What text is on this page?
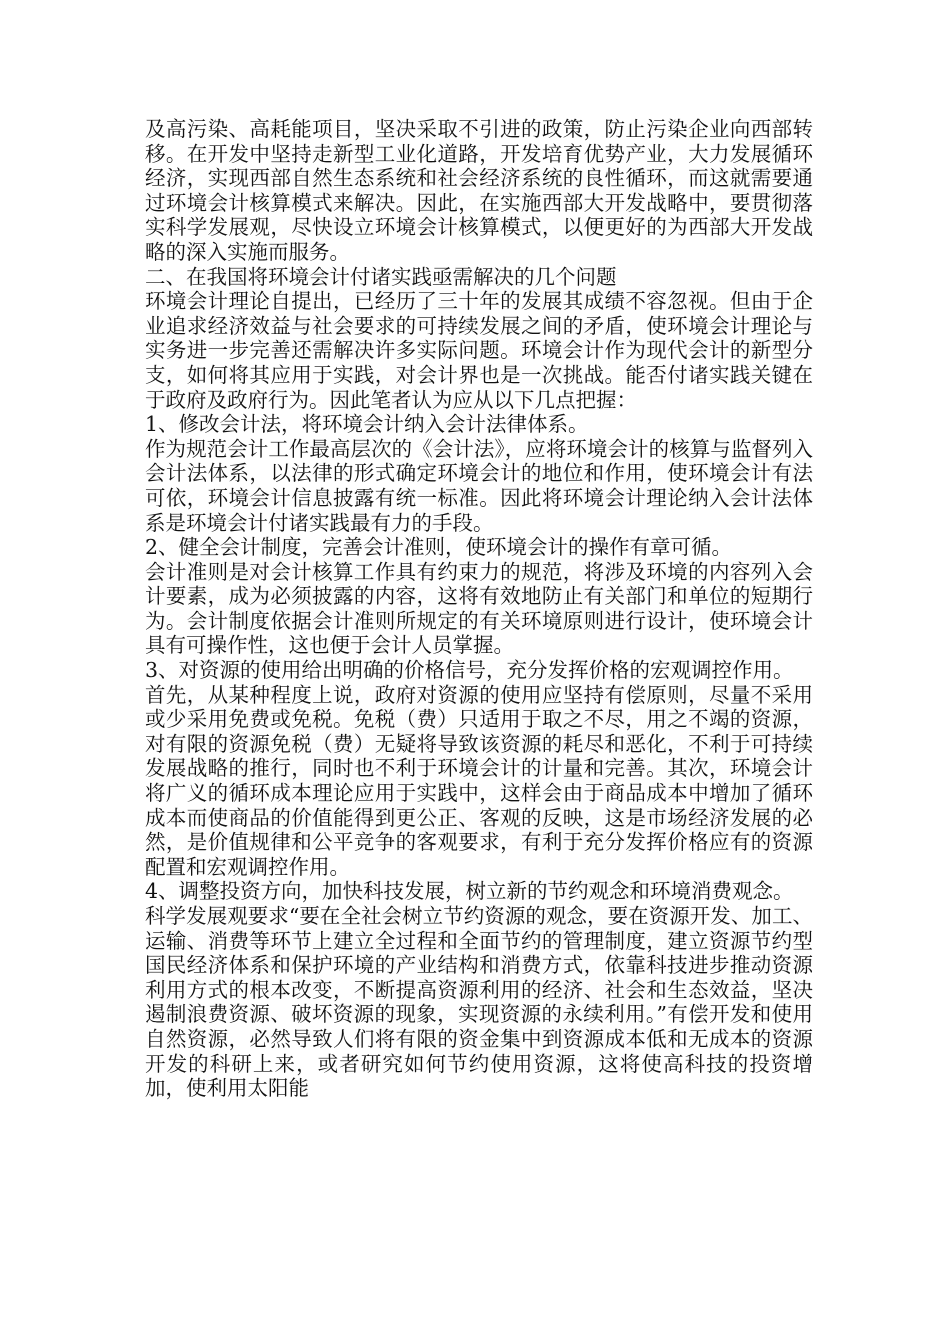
及高污染、高耗能项目，坚决采取不引进的政策，防止污染企业向西部转移。在开发中坚持走新型工业化道路，开发培育优势产业，大力发展循环经济，实现西部自然生态系统和社会经济系统的良性循环，而这就需要通过环境会计核算模式来解决。因此，在实施西部大开发战略中，要贯彻落实科学发展观，尽快设立环境会计核算模式，以便更好的为西部大开发战略的深入实施而服务。

二、在我国将环境会计付诸实践亟需解决的几个问题

环境会计理论自提出，已经历了三十年的发展其成绩不容忽视。但由于企业追求经济效益与社会要求的可持续发展之间的矛盾，使环境会计理论与实务进一步完善还需解决许多实际问题。环境会计作为现代会计的新型分支，如何将其应用于实践，对会计界也是一次挑战。能否付诸实践关键在于政府及政府行为。因此笔者认为应从以下几点把握：

1、修改会计法，将环境会计纳入会计法律体系。

作为规范会计工作最高层次的《会计法》，应将环境会计的核算与监督列入会计法体系，以法律的形式确定环境会计的地位和作用，使环境会计有法可依，环境会计信息披露有统一标准。因此将环境会计理论纳入会计法体系是环境会计付诸实践最有力的手段。

2、健全会计制度，完善会计准则，使环境会计的操作有章可循。

会计准则是对会计核算工作具有约束力的规范，将涉及环境的内容列入会计要素，成为必须披露的内容，这将有效地防止有关部门和单位的短期行为。会计制度依据会计准则所规定的有关环境原则进行设计，使环境会计具有可操作性，这也便于会计人员掌握。

3、对资源的使用给出明确的价格信号，充分发挥价格的宏观调控作用。

首先，从某种程度上说，政府对资源的使用应坚持有偿原则，尽量不采用或少采用免费或免税。免税（费）只适用于取之不尽，用之不竭的资源，对有限的资源免税（费）无疑将导致该资源的耗尽和恶化，不利于可持续发展战略的推行，同时也不利于环境会计的计量和完善。其次，环境会计将广义的循环成本理论应用于实践中，这样会由于商品成本中增加了循环成本而使商品的价值能得到更公正、客观的反映，这是市场经济发展的必然，是价值规律和公平竞争的客观要求，有利于充分发挥价格应有的资源配置和宏观调控作用。

4、调整投资方向，加快科技发展，树立新的节约观念和环境消费观念。

科学发展观要求“要在全社会树立节约资源的观念，要在资源开发、加工、运输、消费等环节上建立全过程和全面节约的管理制度，建立资源节约型国民经济体系和保护环境的产业结构和消费方式，依靠科技进步推动资源利用方式的根本改变，不断提高资源利用的经济、社会和生态效益，坚决遏制浪费资源、破坏资源的现象，实现资源的永续利用。”有偿开发和使用自然资源，必然导致人们将有限的资金集中到资源成本低和无成本的资源开发的科研上来，或者研究如何节约使用资源，这将使高科技的投资增加，使利用太阳能
